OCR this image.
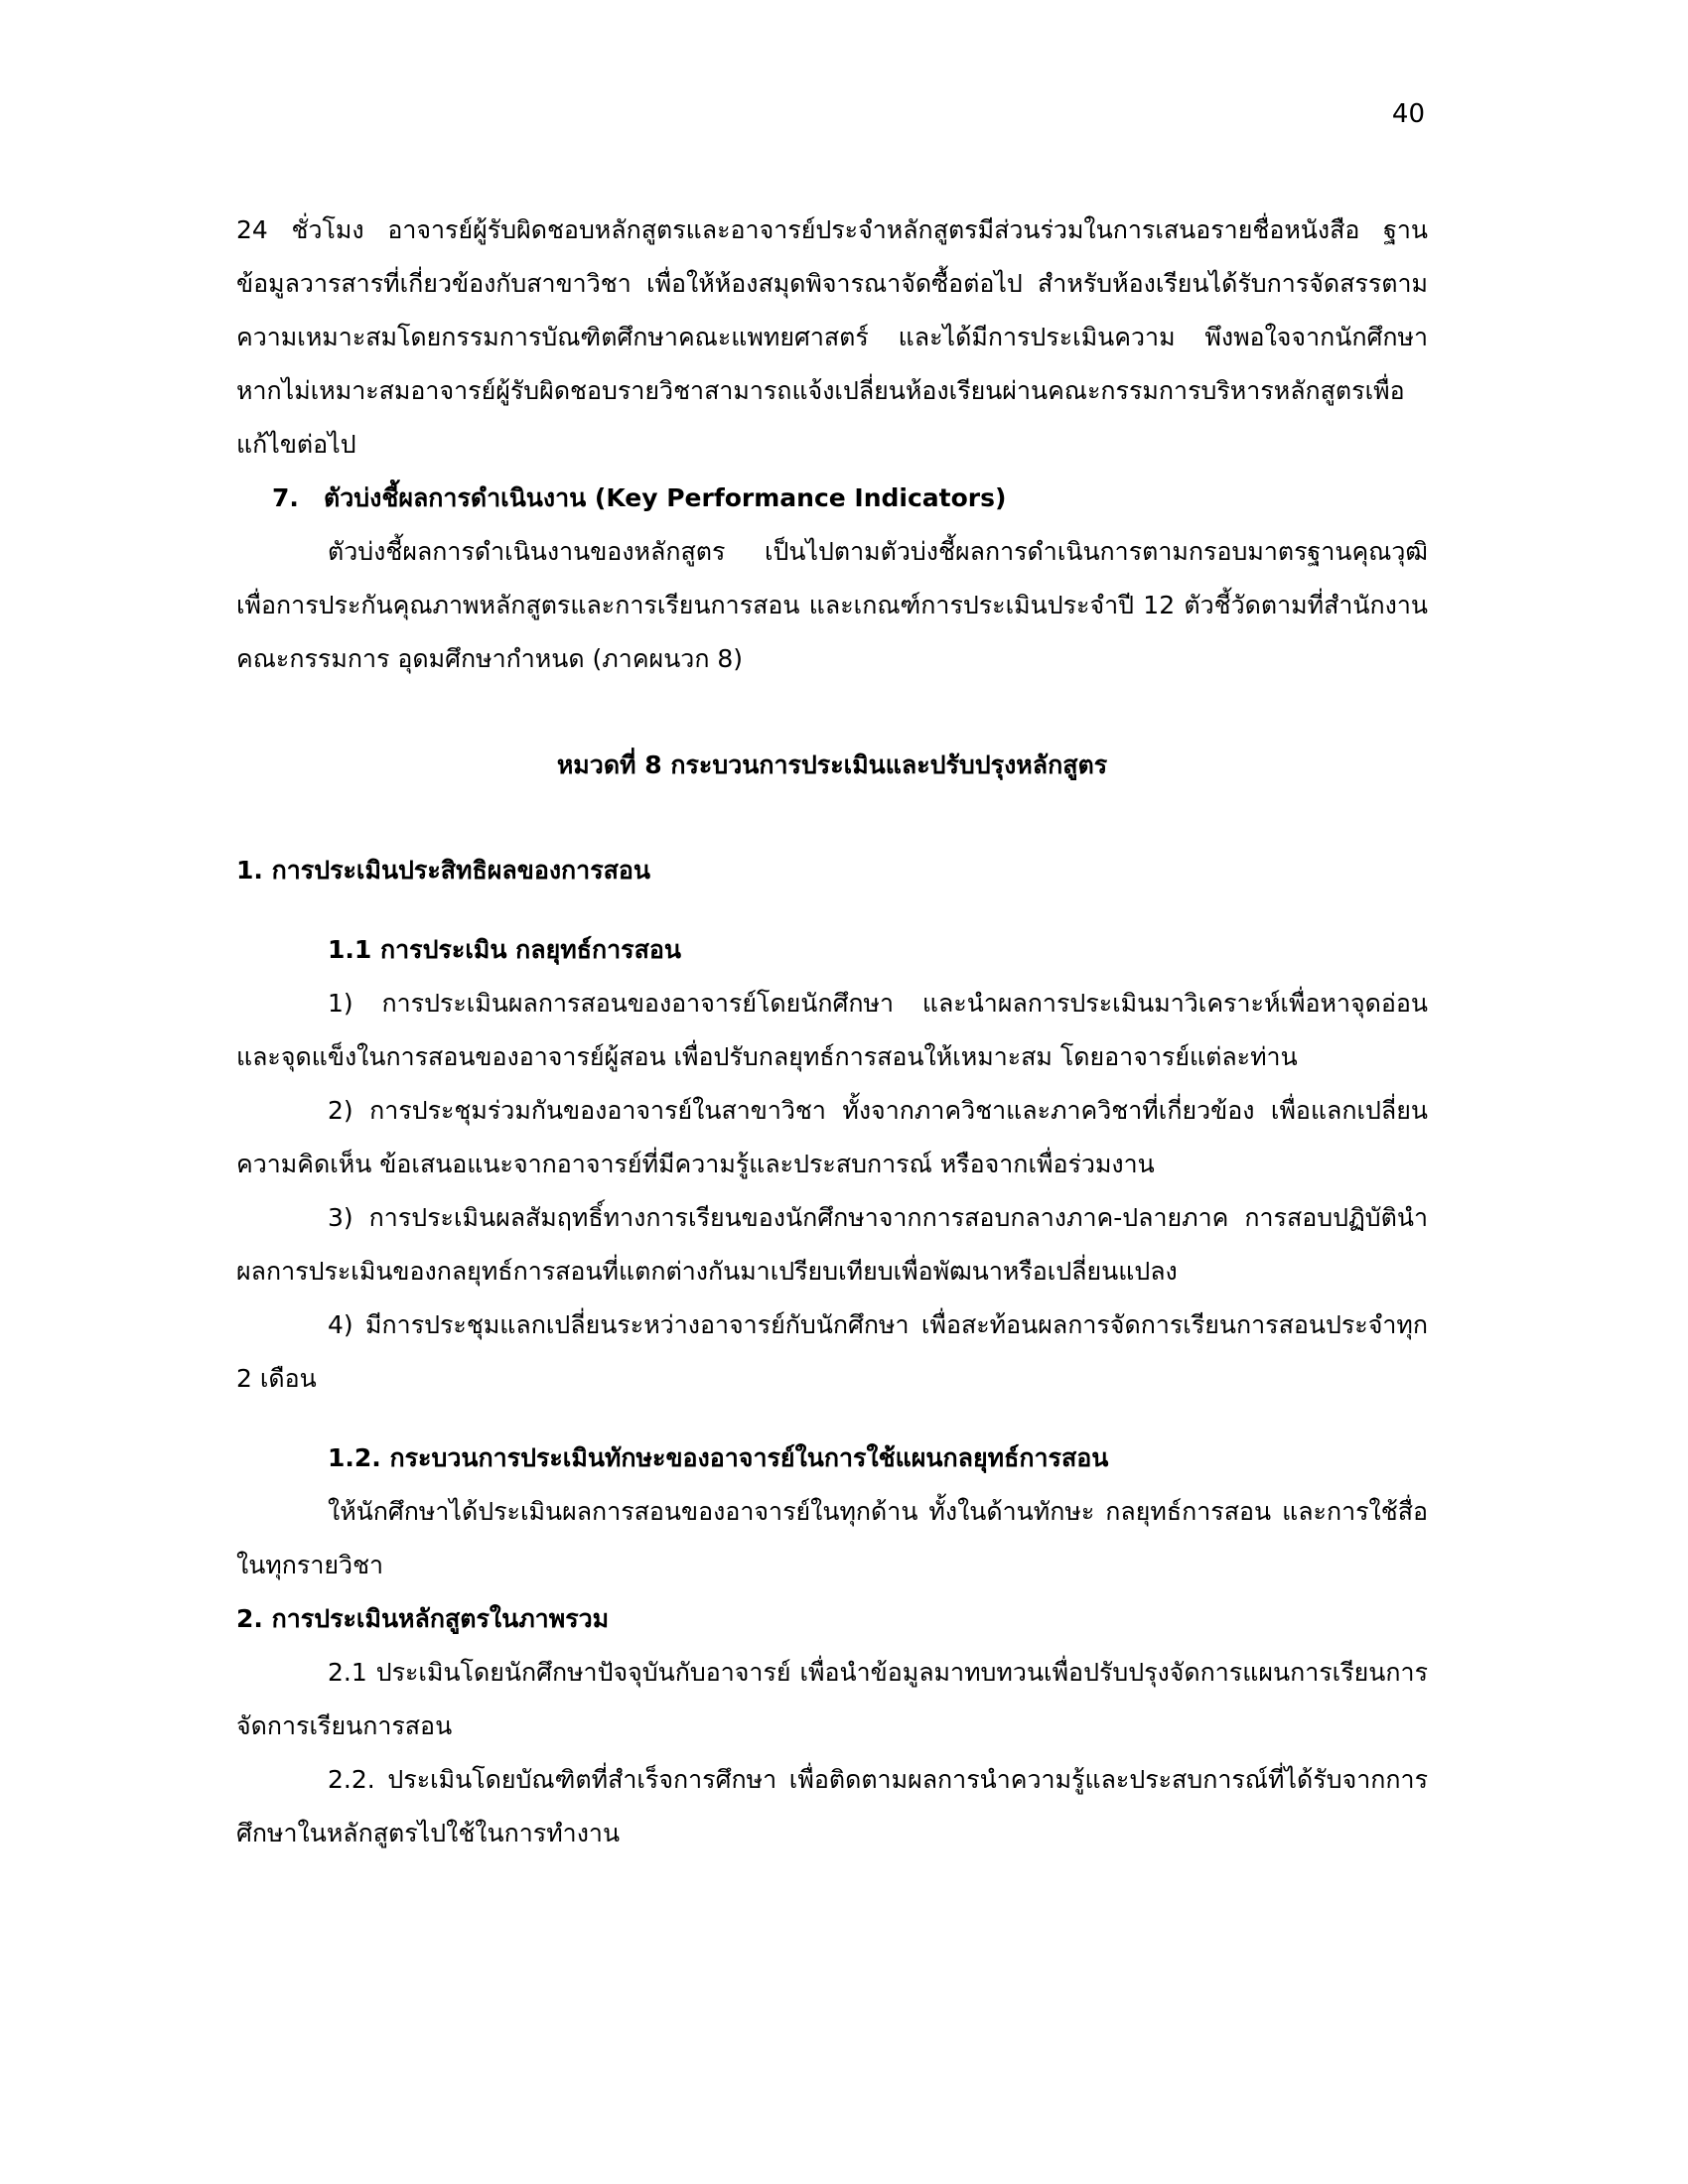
40

24 ชั่วโมง อาจารย์ผู้รับผิดชอบหลักสูตรและอาจารย์ประจำหลักสูตรมีส่วนร่วมในการเสนอรายชื่อหนังสือ ฐานข้อมูลวารสารที่เกี่ยวข้องกับสาขาวิชา เพื่อให้ห้องสมุดพิจารณาจัดซื้อต่อไป สำหรับห้องเรียนได้รับการจัดสรรตามความเหมาะสมโดยกรรมการบัณฑิตศึกษาคณะแพทยศาสตร์ และได้มีการประเมินความ พึงพอใจจากนักศึกษา หากไม่เหมาะสมอาจารย์ผู้รับผิดชอบรายวิชาสามารถแจ้งเปลี่ยนห้องเรียนผ่านคณะกรรมการบริหารหลักสูตรเพื่อแก้ไขต่อไป

7. ตัวบ่งชี้ผลการดำเนินงาน (Key Performance Indicators)

ตัวบ่งชี้ผลการดำเนินงานของหลักสูตร เป็นไปตามตัวบ่งชี้ผลการดำเนินการตามกรอบมาตรฐานคุณวุฒิเพื่อการประกันคุณภาพหลักสูตรและการเรียนการสอน และเกณฑ์การประเมินประจำปี 12 ตัวชี้วัดตามที่สำนักงานคณะกรรมการ อุดมศึกษากำหนด (ภาคผนวก 8)

หมวดที่ 8 กระบวนการประเมินและปรับปรุงหลักสูตร

1. การประเมินประสิทธิผลของการสอน

1.1 การประเมิน กลยุทธ์การสอน

1) การประเมินผลการสอนของอาจารย์โดยนักศึกษา และนำผลการประเมินมาวิเคราะห์เพื่อหาจุดอ่อนและจุดแข็งในการสอนของอาจารย์ผู้สอน เพื่อปรับกลยุทธ์การสอนให้เหมาะสม โดยอาจารย์แต่ละท่าน

2) การประชุมร่วมกันของอาจารย์ในสาขาวิชา ทั้งจากภาควิชาและภาควิชาที่เกี่ยวข้อง เพื่อแลกเปลี่ยนความคิดเห็น ข้อเสนอแนะจากอาจารย์ที่มีความรู้และประสบการณ์ หรือจากเพื่อร่วมงาน

3) การประเมินผลสัมฤทธิ์ทางการเรียนของนักศึกษาจากการสอบกลางภาค-ปลายภาค การสอบปฏิบัตินำผลการประเมินของกลยุทธ์การสอนที่แตกต่างกันมาเปรียบเทียบเพื่อพัฒนาหรือเปลี่ยนแปลง

4) มีการประชุมแลกเปลี่ยนระหว่างอาจารย์กับนักศึกษา เพื่อสะท้อนผลการจัดการเรียนการสอนประจำทุก 2 เดือน

1.2. กระบวนการประเมินทักษะของอาจารย์ในการใช้แผนกลยุทธ์การสอน

ให้นักศึกษาได้ประเมินผลการสอนของอาจารย์ในทุกด้าน ทั้งในด้านทักษะ กลยุทธ์การสอน และการใช้สื่อในทุกรายวิชา

2. การประเมินหลักสูตรในภาพรวม

2.1 ประเมินโดยนักศึกษาปัจจุบันกับอาจารย์ เพื่อนำข้อมูลมาทบทวนเพื่อปรับปรุงจัดการแผนการเรียนการจัดการเรียนการสอน

2.2. ประเมินโดยบัณฑิตที่สำเร็จการศึกษา เพื่อติดตามผลการนำความรู้และประสบการณ์ที่ได้รับจากการศึกษาในหลักสูตรไปใช้ในการทำงาน
